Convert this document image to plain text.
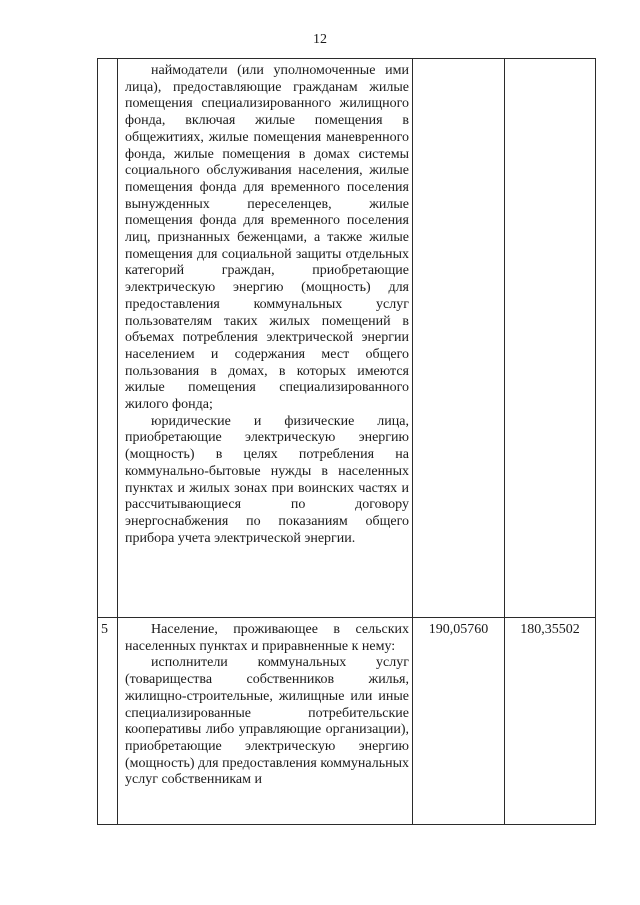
12

	наймодатели (или уполномоченные ими лица), предоставляющие гражданам жилые помещения специализированного жилищного фонда, включая жилые помещения в общежитиях, жилые помещения маневренного фонда, жилые помещения в домах системы социального обслуживания населения, жилые помещения фонда для временного поселения вынужденных переселенцев, жилые помещения фонда для временного поселения лиц, признанных беженцами, а также жилые помещения для социальной защиты отдельных категорий граждан, приобретающие электрическую энергию (мощность) для предоставления коммунальных услуг пользователям таких жилых помещений в объемах потребления электрической энергии населением и содержания мест общего пользования в домах, в которых имеются жилые помещения специализированного жилого фонда;

юридические и физические лица, приобретающие электрическую энергию (мощность) в целях потребления на коммунально-бытовые нужды в населенных пунктах и жилых зонах при воинских частях и рассчитывающиеся по договору энергоснабжения по показаниям общего прибора учета электрической энергии.		

5	Население, проживающее в сельских населенных пунктах и приравненные к нему:

исполнители коммунальных услуг (товарищества собственников жилья, жилищно-строительные, жилищные или иные специализированные потребительские кооперативы либо управляющие организации), приобретающие электрическую энергию (мощность) для предоставления коммунальных услуг собственникам и	190,05760	180,35502
